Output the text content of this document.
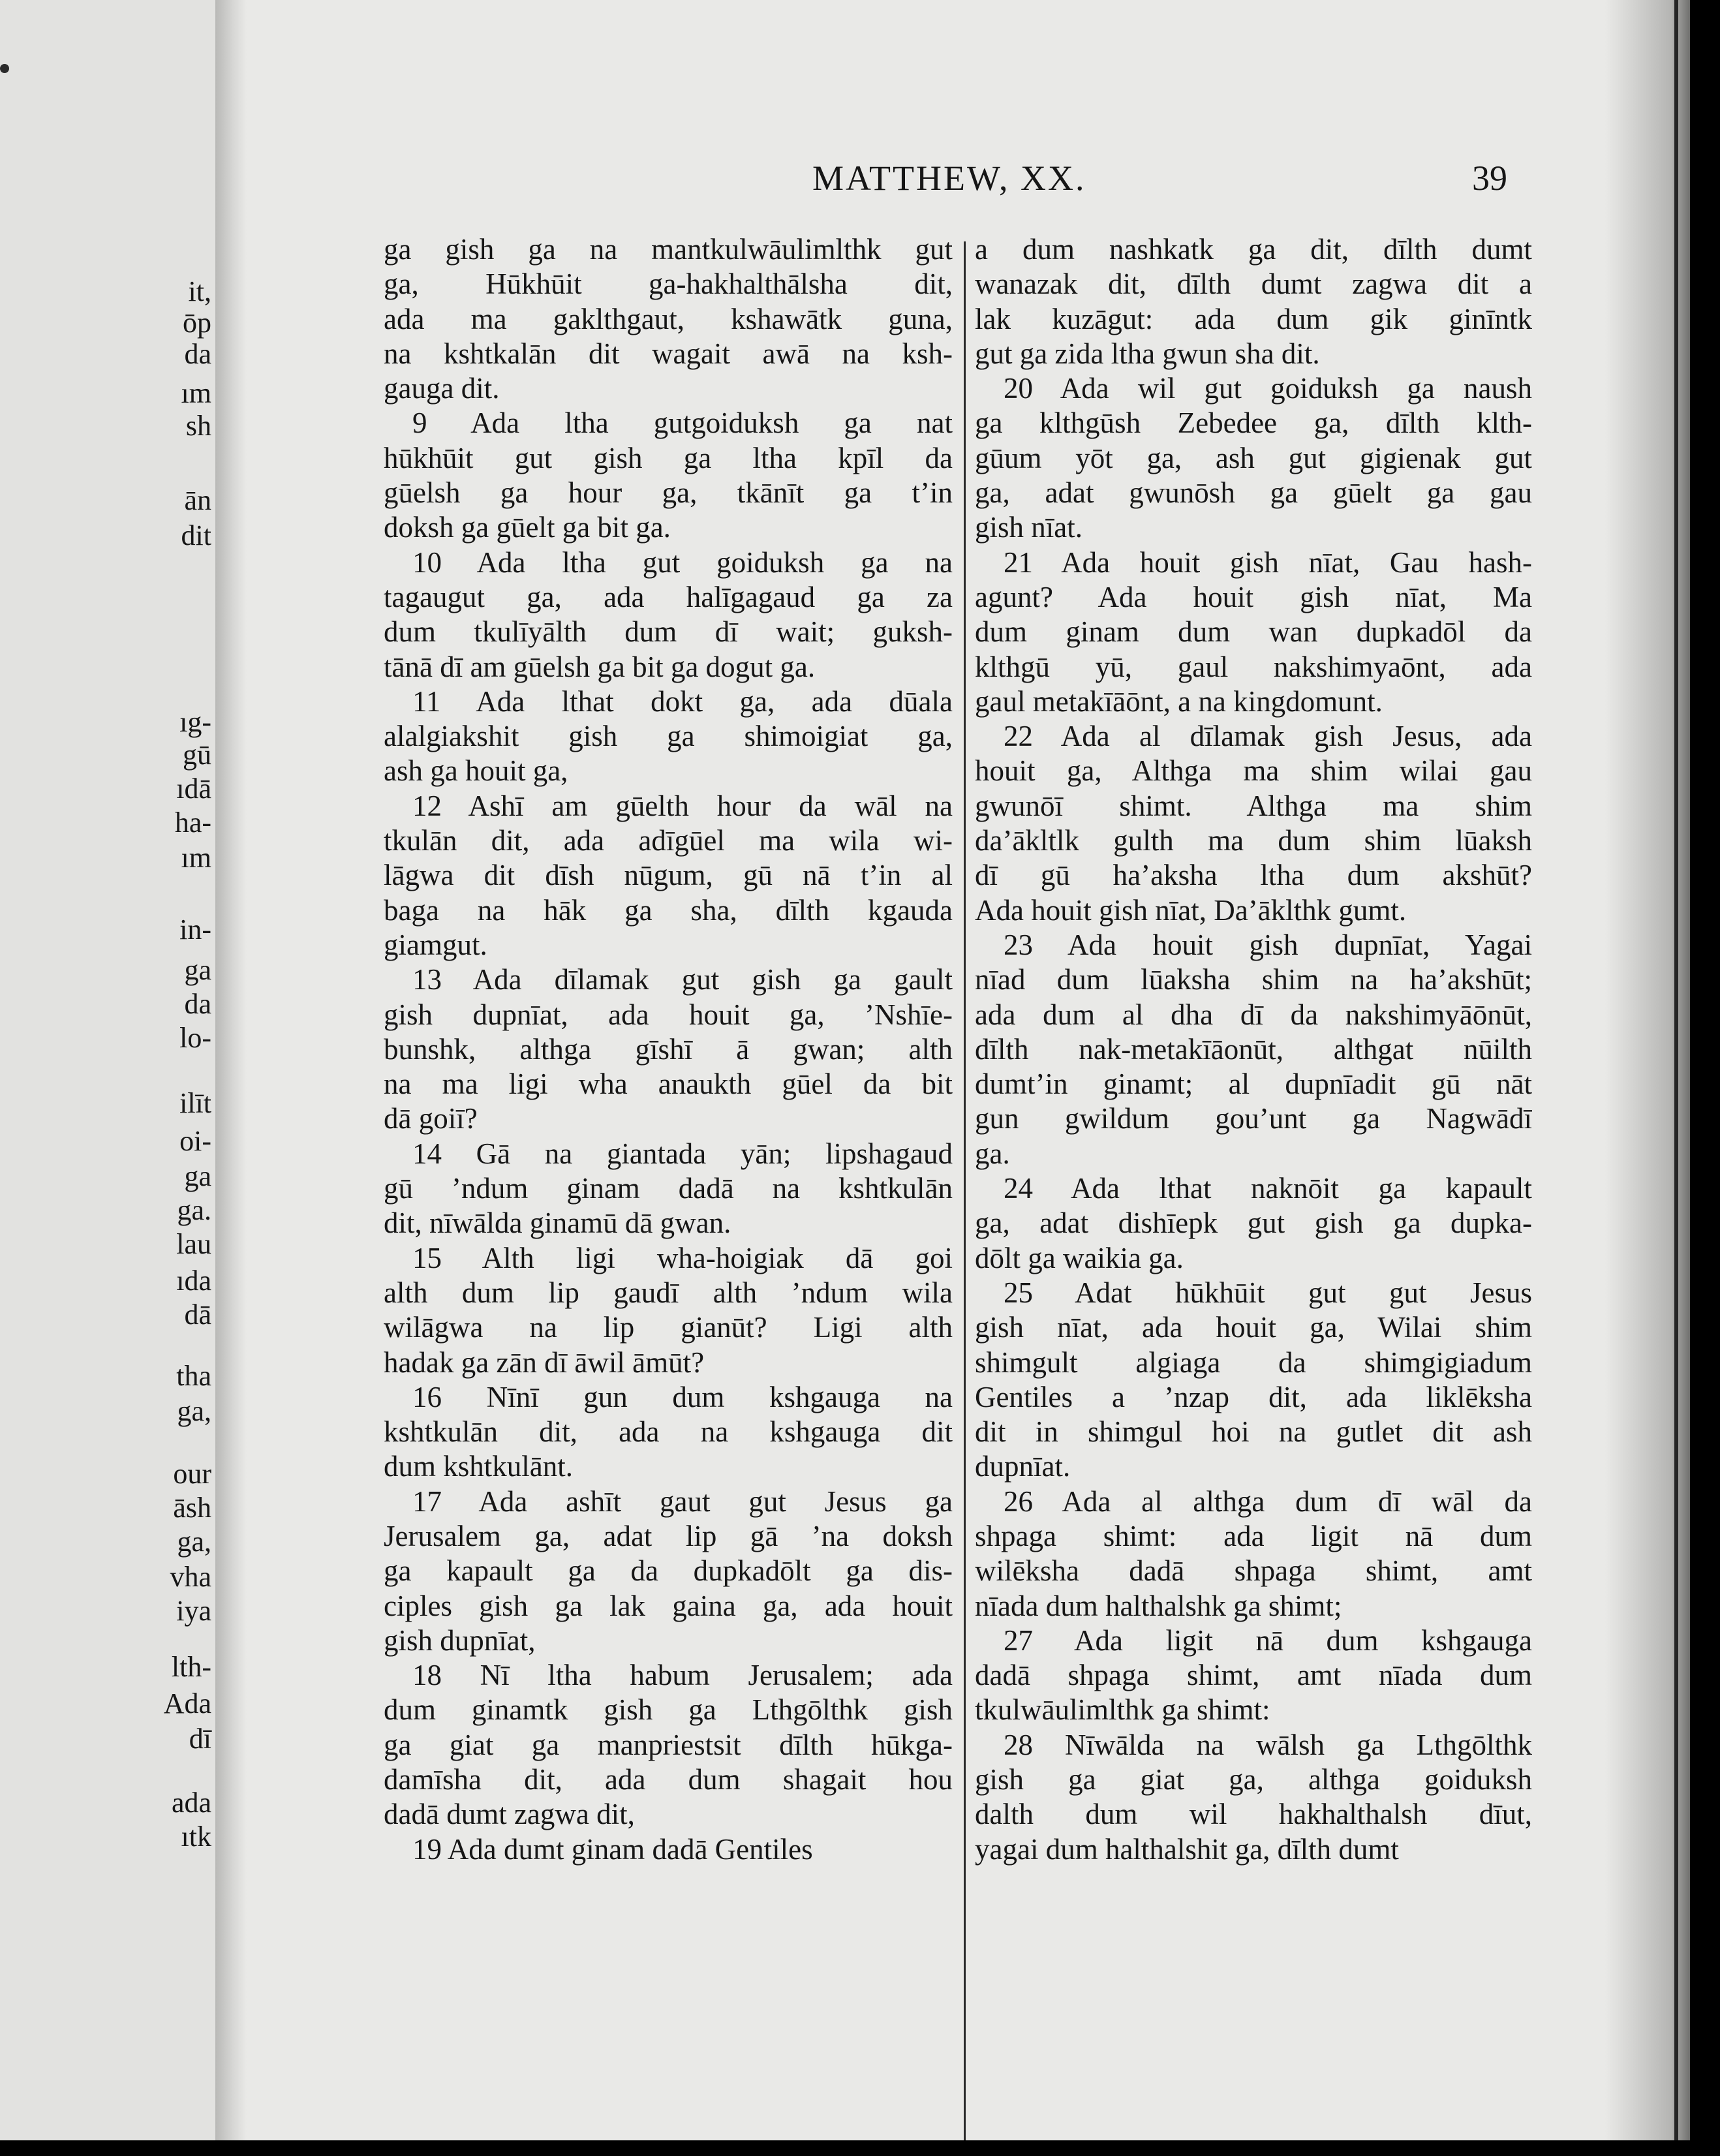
it,

ōp

da

ım

sh

ān

dit

ıg-

gū

ıdā

ha-

ım

in-

ga

da

lo-

ilīt

oi-

ga

ga.

lau

ıda

dā

tha

ga,

our

āsh

ga,

vha

iya

lth-

Ada

dī

ada

ıtk

MATTHEW, XX.	39
ga gish ga na mantkulwāulimlthk gut
ga, Hūkhūit ga-hakhalthālsha dit,
ada ma gaklthgaut, kshawātk guna,
na kshtkalān dit wagait awā na ksh-
gauga dit.
9 Ada ltha gutgoiduksh ga nat
hūkhūit gut gish ga ltha kpīl da
gūelsh ga hour ga, tkānīt ga t’in
doksh ga gūelt ga bit ga.
10 Ada ltha gut goiduksh ga na
tagaugut ga, ada halīgagaud ga za
dum tkulīyālth dum dī wait; guksh-
tānā dī am gūelsh ga bit ga dogut ga.
11 Ada lthat dokt ga, ada dūala
alalgiakshit gish ga shimoigiat ga,
ash ga houit ga,
12 Ashī am gūelth hour da wāl na
tkulān dit, ada adīgūel ma wila wi-
lāgwa dit dīsh nūgum, gū nā t’in al
baga na hāk ga sha, dīlth kgauda
giamgut.
13 Ada dīlamak gut gish ga gault
gish dupnīat, ada houit ga, ’Nshīe-
bunshk, althga gīshī ā gwan; alth
na ma ligi wha anaukth gūel da bit
dā goiī?
14 Gā na giantada yān; lipshagaud
gū ’ndum ginam dadā na kshtkulān
dit, nīwālda ginamū dā gwan.
15 Alth ligi wha-hoigiak dā goi
alth dum lip gaudī alth ’ndum wila
wilāgwa na lip gianūt? Ligi alth
hadak ga zān dī āwil āmūt?
16 Nīnī gun dum kshgauga na
kshtkulān dit, ada na kshgauga dit
dum kshtkulānt.
17 Ada ashīt gaut gut Jesus ga
Jerusalem ga, adat lip gā ’na doksh
ga kapault ga da dupkadōlt ga dis-
ciples gish ga lak gaina ga, ada houit
gish dupnīat,
18 Nī ltha habum Jerusalem; ada
dum ginamtk gish ga Lthgōlthk gish
ga giat ga manpriestsit dīlth hūkga-
damīsha dit, ada dum shagait hou
dadā dumt zagwa dit,
19 Ada dumt ginam dadā Gentiles
a dum nashkatk ga dit, dīlth dumt
wanazak dit, dīlth dumt zagwa dit a
lak kuzāgut: ada dum gik ginīntk
gut ga zida ltha gwun sha dit.
20 Ada wil gut goiduksh ga naush
ga klthgūsh Zebedee ga, dīlth klth-
gūum yōt ga, ash gut gigienak gut
ga, adat gwunōsh ga gūelt ga gau
gish nīat.
21 Ada houit gish nīat, Gau hash-
agunt? Ada houit gish nīat, Ma
dum ginam dum wan dupkadōl da
klthgū yū, gaul nakshimyaōnt, ada
gaul metakīāōnt, a na kingdomunt.
22 Ada al dīlamak gish Jesus, ada
houit ga, Althga ma shim wilai gau
gwunōī shimt. Althga ma shim
da’ākltlk gulth ma dum shim lūaksh
dī gū ha’aksha ltha dum akshūt?
Ada houit gish nīat, Da’āklthk gumt.
23 Ada houit gish dupnīat, Yagai
nīad dum lūaksha shim na ha’akshūt;
ada dum al dha dī da nakshimyāōnūt,
dīlth nak-metakīāonūt, althgat nūilth
dumt’in ginamt; al dupnīadit gū nāt
gun gwildum gou’unt ga Nagwādī
ga.
24 Ada lthat naknōit ga kapault
ga, adat dishīepk gut gish ga dupka-
dōlt ga waikia ga.
25 Adat hūkhūit gut gut Jesus
gish nīat, ada houit ga, Wilai shim
shimgult algiaga da shimgigiadum
Gentiles a ’nzap dit, ada liklēksha
dit in shimgul hoi na gutlet dit ash
dupnīat.
26 Ada al althga dum dī wāl da
shpaga shimt: ada ligit nā dum
wilēksha dadā shpaga shimt, amt
nīada dum halthalshk ga shimt;
27 Ada ligit nā dum kshgauga
dadā shpaga shimt, amt nīada dum
tkulwāulimlthk ga shimt:
28 Nīwālda na wālsh ga Lthgōlthk
gish ga giat ga, althga goiduksh
dalth dum wil hakhalthalsh dīut,
yagai dum halthalshit ga, dīlth dumt
